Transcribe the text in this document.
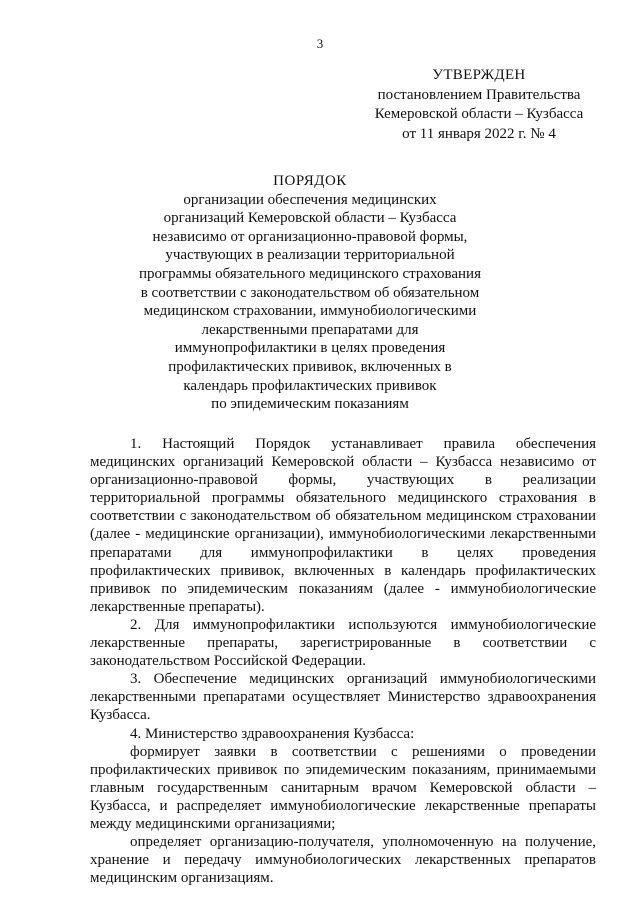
3
УТВЕРЖДЕН
постановлением Правительства
Кемеровской области – Кузбасса
от 11 января 2022 г. № 4
ПОРЯДОК
организации обеспечения медицинских
организаций Кемеровской области – Кузбасса
независимо от организационно-правовой формы,
участвующих в реализации территориальной
программы обязательного медицинского страхования
в соответствии с законодательством об обязательном
медицинском страховании, иммунобиологическими
лекарственными препаратами для
иммунопрофилактики в целях проведения
профилактических прививок, включенных в
календарь профилактических прививок
по эпидемическим показаниям

1. Настоящий Порядок устанавливает правила обеспечения медицинских организаций Кемеровской области – Кузбасса независимо от организационно-правовой формы, участвующих в реализации территориальной программы обязательного медицинского страхования в соответствии с законодательством об обязательном медицинском страховании (далее - медицинские организации), иммунобиологическими лекарственными препаратами для иммунопрофилактики в целях проведения профилактических прививок, включенных в календарь профилактических прививок по эпидемическим показаниям (далее - иммунобиологические лекарственные препараты).

2. Для иммунопрофилактики используются иммунобиологические лекарственные препараты, зарегистрированные в соответствии с законодательством Российской Федерации.

3. Обеспечение медицинских организаций иммунобиологическими лекарственными препаратами осуществляет Министерство здравоохранения Кузбасса.

4. Министерство здравоохранения Кузбасса:

формирует заявки в соответствии с решениями о проведении профилактических прививок по эпидемическим показаниям, принимаемыми главным государственным санитарным врачом Кемеровской области – Кузбасса, и распределяет иммунобиологические лекарственные препараты между медицинскими организациями;

определяет организацию-получателя, уполномоченную на получение, хранение и передачу иммунобиологических лекарственных препаратов медицинским организациям.
